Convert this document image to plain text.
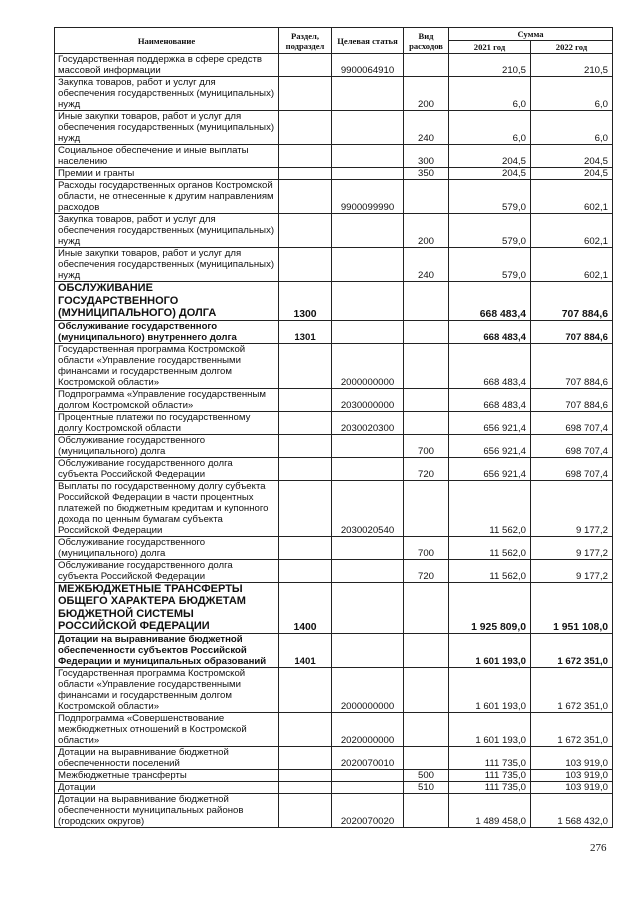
Наименование	Раздел, подраздел	Целевая статья	Вид расходов	Сумма	
				2021 год	2022 год
Государственная поддержка в сфере средств массовой информации		9900064910		210,5	210,5
Закупка товаров, работ и услуг для обеспечения государственных (муниципальных) нужд			200	6,0	6,0
Иные закупки товаров, работ и услуг для обеспечения государственных (муниципальных) нужд			240	6,0	6,0
Социальное обеспечение и иные выплаты населению			300	204,5	204,5
Премии и гранты			350	204,5	204,5
Расходы государственных органов Костромской области, не отнесенные к другим направлениям расходов		9900099990		579,0	602,1
Закупка товаров, работ и услуг для обеспечения государственных (муниципальных) нужд			200	579,0	602,1
Иные закупки товаров, работ и услуг для обеспечения государственных (муниципальных) нужд			240	579,0	602,1
ОБСЛУЖИВАНИЕ ГОСУДАРСТВЕННОГО (МУНИЦИПАЛЬНОГО) ДОЛГА	1300			668 483,4	707 884,6
Обслуживание государственного (муниципального) внутреннего долга	1301			668 483,4	707 884,6
Государственная программа Костромской области «Управление государственными финансами и государственным долгом Костромской области»		2000000000		668 483,4	707 884,6
Подпрограмма «Управление государственным долгом Костромской области»		2030000000		668 483,4	707 884,6
Процентные платежи по государственному долгу Костромской области		2030020300		656 921,4	698 707,4
Обслуживание государственного (муниципального) долга			700	656 921,4	698 707,4
Обслуживание государственного долга субъекта Российской Федерации			720	656 921,4	698 707,4
Выплаты по государственному долгу субъекта Российской Федерации в части процентных платежей по бюджетным кредитам и купонного дохода по ценным бумагам субъекта Российской Федерации		2030020540		11 562,0	9 177,2
Обслуживание государственного (муниципального) долга			700	11 562,0	9 177,2
Обслуживание государственного долга субъекта Российской Федерации			720	11 562,0	9 177,2
МЕЖБЮДЖЕТНЫЕ ТРАНСФЕРТЫ ОБЩЕГО ХАРАКТЕРА БЮДЖЕТАМ БЮДЖЕТНОЙ СИСТЕМЫ РОССИЙСКОЙ ФЕДЕРАЦИИ	1400			1 925 809,0	1 951 108,0
Дотации на выравнивание бюджетной обеспеченности субъектов Российской Федерации и муниципальных образований	1401			1 601 193,0	1 672 351,0
Государственная программа Костромской области «Управление государственными финансами и государственным долгом Костромской области»		2000000000		1 601 193,0	1 672 351,0
Подпрограмма «Совершенствование межбюджетных отношений в Костромской области»		2020000000		1 601 193,0	1 672 351,0
Дотации на выравнивание бюджетной обеспеченности поселений		2020070010		111 735,0	103 919,0
Межбюджетные трансферты			500	111 735,0	103 919,0
Дотации			510	111 735,0	103 919,0
Дотации на выравнивание бюджетной обеспеченности муниципальных районов (городских округов)		2020070020		1 489 458,0	1 568 432,0
276
